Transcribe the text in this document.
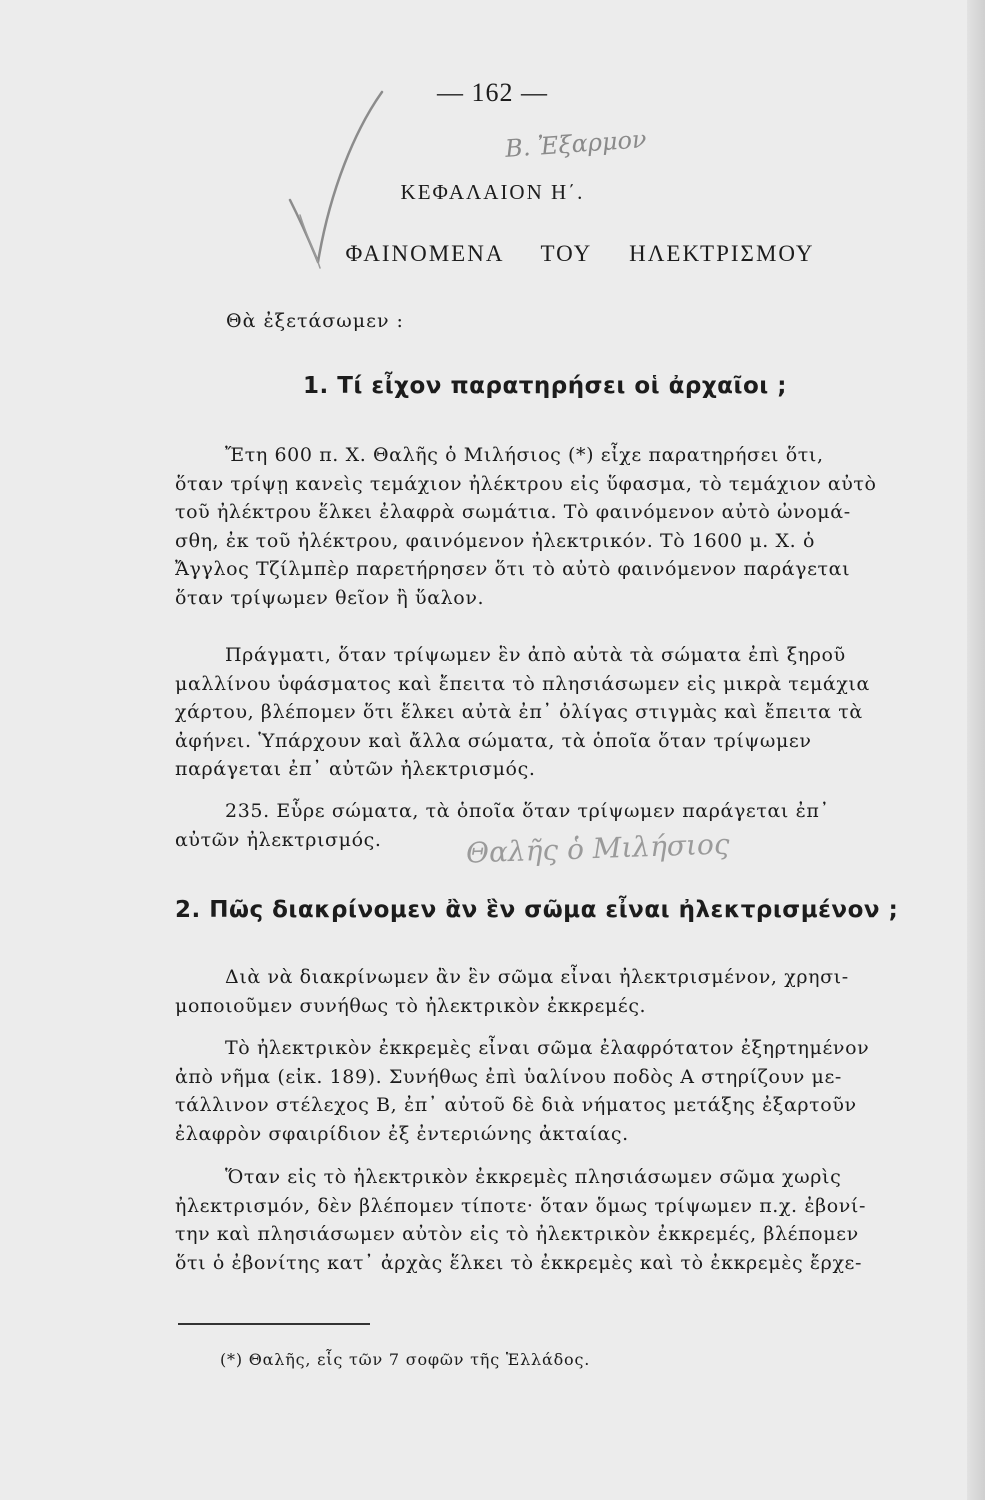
— 162 —
ΚΕΦΑΛΑΙΟΝ Η΄.
ΦΑΙΝΟΜΕΝΑ ΤΟΥ ΗΛΕΚΤΡΙΣΜΟΥ
Θὰ ἐξετάσωμεν :
1. Τί εἶχον παρατηρήσει οἱ ἀρχαῖοι ;

Ἔτη 600 π. Χ. Θαλῆς ὁ Μιλήσιος (*) εἶχε παρατηρήσει ὅτι,
ὅταν τρίψῃ κανεὶς τεμάχιον ἠλέκτρου εἰς ὕφασμα, τὸ τεμάχιον αὐτὸ
τοῦ ἠλέκτρου ἕλκει ἐλαφρὰ σωμάτια. Τὸ φαινόμενον αὐτὸ ὠνομά-
σθη, ἐκ τοῦ ἠλέκτρου, φαινόμενον ἠλεκτρικόν. Τὸ 1600 μ. Χ. ὁ
Ἄγγλος Τζίλμπὲρ παρετήρησεν ὅτι τὸ αὐτὸ φαινόμενον παράγεται
ὅταν τρίψωμεν θεῖον ἢ ὕαλον.

Πράγματι, ὅταν τρίψωμεν ἓν ἀπὸ αὐτὰ τὰ σώματα ἐπὶ ξηροῦ
μαλλίνου ὑφάσματος καὶ ἔπειτα τὸ πλησιάσωμεν εἰς μικρὰ τεμάχια
χάρτου, βλέπομεν ὅτι ἕλκει αὐτὰ ἐπ᾽ ὀλίγας στιγμὰς καὶ ἔπειτα τὰ
ἀφήνει. Ὑπάρχουν καὶ ἄλλα σώματα, τὰ ὁποῖα ὅταν τρίψωμεν
παράγεται ἐπ᾽ αὐτῶν ἠλεκτρισμός.

235. Εὗρε σώματα, τὰ ὁποῖα ὅταν τρίψωμεν παράγεται ἐπ᾽
αὐτῶν ἠλεκτρισμός.

2. Πῶς διακρίνομεν ἂν ἓν σῶμα εἶναι ἠλεκτρισμένον ;

Διὰ νὰ διακρίνωμεν ἂν ἓν σῶμα εἶναι ἠλεκτρισμένον, χρησι-
μοποιοῦμεν συνήθως τὸ ἠλεκτρικὸν ἐκκρεμές.

Τὸ ἠλεκτρικὸν ἐκκρεμὲς εἶναι σῶμα ἐλαφρότατον ἐξηρτημένον
ἀπὸ νῆμα (εἰκ. 189). Συνήθως ἐπὶ ὑαλίνου ποδὸς Α στηρίζουν με-
τάλλινον στέλεχος Β, ἐπ᾽ αὐτοῦ δὲ διὰ νήματος μετάξης ἐξαρτοῦν
ἐλαφρὸν σφαιρίδιον ἐξ ἐντεριώνης ἀκταίας.

Ὅταν εἰς τὸ ἠλεκτρικὸν ἐκκρεμὲς πλησιάσωμεν σῶμα χωρὶς
ἠλεκτρισμόν, δὲν βλέπομεν τίποτε· ὅταν ὅμως τρίψωμεν π.χ. ἐβονί-
την καὶ πλησιάσωμεν αὐτὸν εἰς τὸ ἠλεκτρικὸν ἐκκρεμές, βλέπομεν
ὅτι ὁ ἐβονίτης κατ᾽ ἀρχὰς ἕλκει τὸ ἐκκρεμὲς καὶ τὸ ἐκκρεμὲς ἔρχε-

(*) Θαλῆς, εἷς τῶν 7 σοφῶν τῆς Ἑλλάδος.
Β. Ἐξαρμον
Θαλῆς ὁ Μιλήσιος
